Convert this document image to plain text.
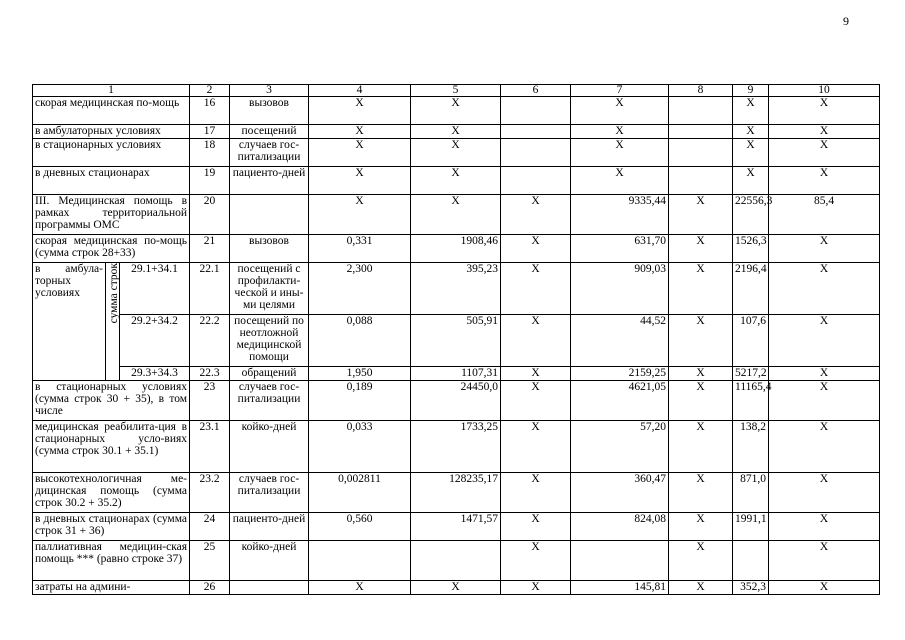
9
1			2	3	4	5	6	7	8	9	10
скорая медицинская по-мощь			16	вызовов	X	X		X		X	X
в амбулаторных условиях			17	посещений	X	X		X		X	X
в стационарных условиях			18	случаев гос-питализации	X	X		X		X	X
в дневных стационарах			19	пациенто-дней	X	X		X		X	X
III. Медицинская помощь в рамках территориальной программы ОМС			20		X	X	X	9335,44	X	22556,3	85,4
скорая медицинская по-мощь (сумма строк 28+33)			21	вызовов	0,331	1908,46	X	631,70	X	1526,3	X
в амбула-торных условиях	сумма строк	29.1+34.1	22.1	посещений с профилакти-ческой и ины-ми целями	2,300	395,23	X	909,03	X	2196,4	X
		29.2+34.2	22.2	посещений по неотложной медицинской помощи	0,088	505,91	X	44,52	X	107,6	X
		29.3+34.3	22.3	обращений	1,950	1107,31	X	2159,25	X	5217,2	X
в стационарных условиях (сумма строк 30 + 35), в том числе			23	случаев гос-питализации	0,189	24450,0	X	4621,05	X	11165,4	X
медицинская реабилита-ция в стационарных усло-виях (сумма строк 30.1 + 35.1)			23.1	койко-дней	0,033	1733,25	X	57,20	X	138,2	X
высокотехнологичная ме-дицинская помощь (сумма строк 30.2 + 35.2)			23.2	случаев гос-питализации	0,002811	128235,17	X	360,47	X	871,0	X
в дневных стационарах (сумма строк 31 + 36)			24	пациенто-дней	0,560	1471,57	X	824,08	X	1991,1	X
паллиативная медицин-ская помощь *** (равно строке 37)			25	койко-дней			X		X		X
затраты на админи-			26		X	X	X	145,81	X	352,3	X
